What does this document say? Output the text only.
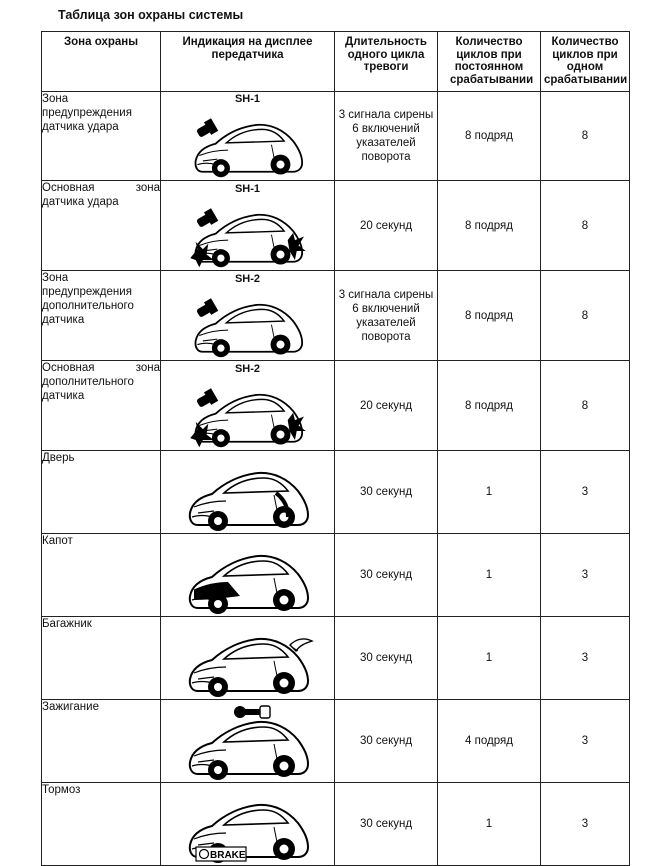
Таблица зон охраны системы
Зона охраны	Индикация на дисплее передатчика	Длительность одного цикла тревоги	Количество циклов при постоянном срабатывании	Количество циклов при одном срабатывании
Зона предупреждения датчика удара	SH-1	3 сигнала сирены 6 включений указателей поворота	8 подряд	8
Основная зона датчика удара	SH-1	20 секунд	8 подряд	8
Зона предупреждения дополнительного датчика	SH-2	3 сигнала сирены 6 включений указателей поворота	8 подряд	8
Основная зона дополнительного датчика	SH-2	20 секунд	8 подряд	8
Дверь		30 секунд	1	3
Капот		30 секунд	1	3
Багажник		30 секунд	1	3
Зажигание		30 секунд	4 подряд	3
Тормоз	BRAKE	30 секунд	1	3
